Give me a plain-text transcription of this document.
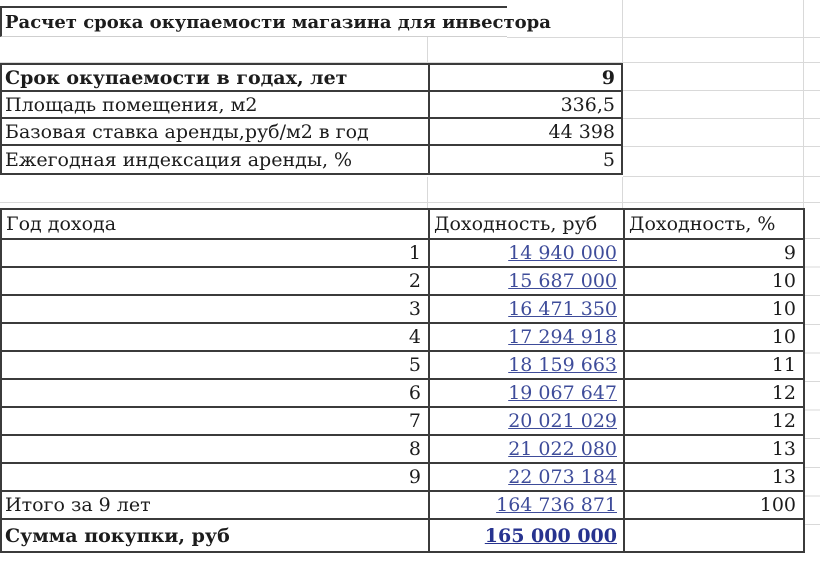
Расчет срока окупаемости магазина для инвестора
Срок окупаемости в годах, лет	9
Площадь помещения, м2	336,5
Базовая ставка аренды,руб/м2 в год	44 398
Ежегодная индексация аренды, %	5
Год дохода	Доходность, руб	Доходность, %
1	14 940 000	9
2	15 687 000	10
3	16 471 350	10
4	17 294 918	10
5	18 159 663	11
6	19 067 647	12
7	20 021 029	12
8	21 022 080	13
9	22 073 184	13
Итого за 9 лет	164 736 871	100
Сумма покупки, руб	165 000 000
